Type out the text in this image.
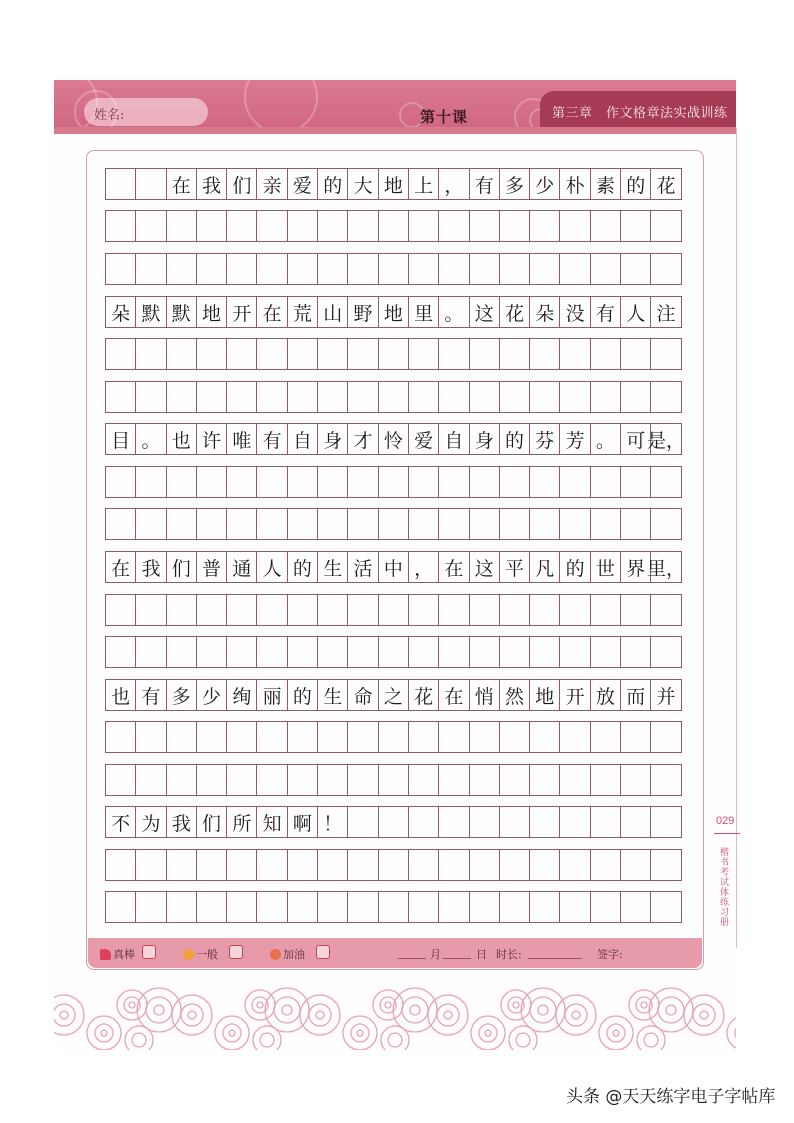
姓名:	第十课	第三章　作文格章法实战训练
029
楷书考试体练习册
在 我 们 亲 爱 的 大 地 上 ， 有 多 少 朴 素 的 花
朵 默 默 地 开 在 荒 山 野 地 里 。 这 花 朵 没 有 人 注
目 。 也 许 唯 有 自 身 才 怜 爱 自 身 的 芬 芳 。 可 是，
在 我 们 普 通 人 的 生 活 中 ， 在 这 平 凡 的 世 界 里，
也 有 多 少 绚 丽 的 生 命 之 花 在 悄 然 地 开 放 而 并
不 为 我 们 所 知 啊 ！
真棒	一般	加油	月	日 时长:	签字:
头条 @天天练字电子字帖库
